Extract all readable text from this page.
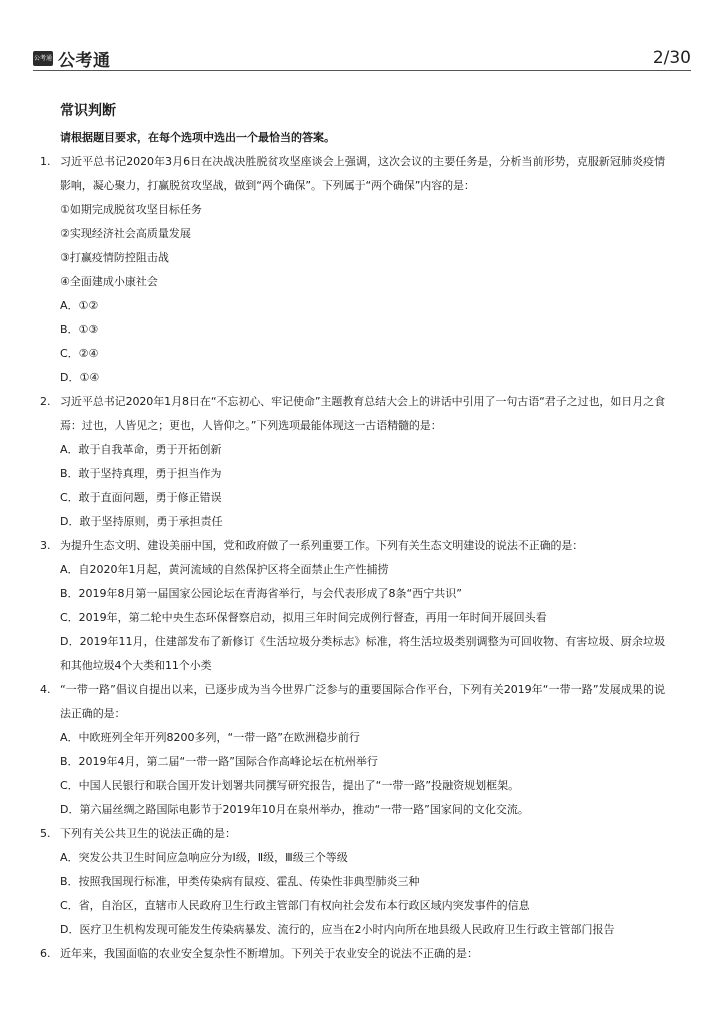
公考通 公考通	2/30
常识判断
请根据题目要求，在每个选项中选出一个最恰当的答案。
1. 习近平总书记2020年3月6日在决战决胜脱贫攻坚座谈会上强调，这次会议的主要任务是，分析当前形势，克服新冠肺炎疫情影响，凝心聚力，打赢脱贫攻坚战，做到“两个确保”。下列属于“两个确保”内容的是：
①如期完成脱贫攻坚目标任务
②实现经济社会高质量发展
③打赢疫情防控阻击战
④全面建成小康社会
A．①②
B．①③
C．②④
D．①④
2. 习近平总书记2020年1月8日在“不忘初心、牢记使命”主题教育总结大会上的讲话中引用了一句古语“君子之过也，如日月之食焉：过也，人皆见之；更也，人皆仰之。”下列选项最能体现这一古语精髓的是：
A．敢于自我革命，勇于开拓创新
B．敢于坚持真理，勇于担当作为
C．敢于直面问题，勇于修正错误
D．敢于坚持原则，勇于承担责任
3. 为提升生态文明、建设美丽中国，党和政府做了一系列重要工作。下列有关生态文明建设的说法不正确的是：
A．自2020年1月起，黄河流域的自然保护区将全面禁止生产性捕捞
B．2019年8月第一届国家公园论坛在青海省举行，与会代表形成了8条“西宁共识”
C．2019年，第二轮中央生态环保督察启动，拟用三年时间完成例行督查，再用一年时间开展回头看
D．2019年11月，住建部发布了新修订《生活垃圾分类标志》标准，将生活垃圾类别调整为可回收物、有害垃圾、厨余垃圾和其他垃圾4个大类和11个小类
4. “一带一路”倡议自提出以来，已逐步成为当今世界广泛参与的重要国际合作平台，下列有关2019年“一带一路”发展成果的说法正确的是：
A．中欧班列全年开列8200多列，“一带一路”在欧洲稳步前行
B．2019年4月，第二届“一带一路”国际合作高峰论坛在杭州举行
C．中国人民银行和联合国开发计划署共同撰写研究报告，提出了“一带一路”投融资规划框架。
D．第六届丝绸之路国际电影节于2019年10月在泉州举办，推动“一带一路”国家间的文化交流。
5. 下列有关公共卫生的说法正确的是：
A．突发公共卫生时间应急响应分为Ⅰ级，Ⅱ级，Ⅲ级三个等级
B．按照我国现行标准，甲类传染病有鼠疫、霍乱、传染性非典型肺炎三种
C．省，自治区，直辖市人民政府卫生行政主管部门有权向社会发布本行政区域内突发事件的信息
D．医疗卫生机构发现可能发生传染病暴发、流行的，应当在2小时内向所在地县级人民政府卫生行政主管部门报告
6. 近年来，我国面临的农业安全复杂性不断增加。下列关于农业安全的说法不正确的是：
